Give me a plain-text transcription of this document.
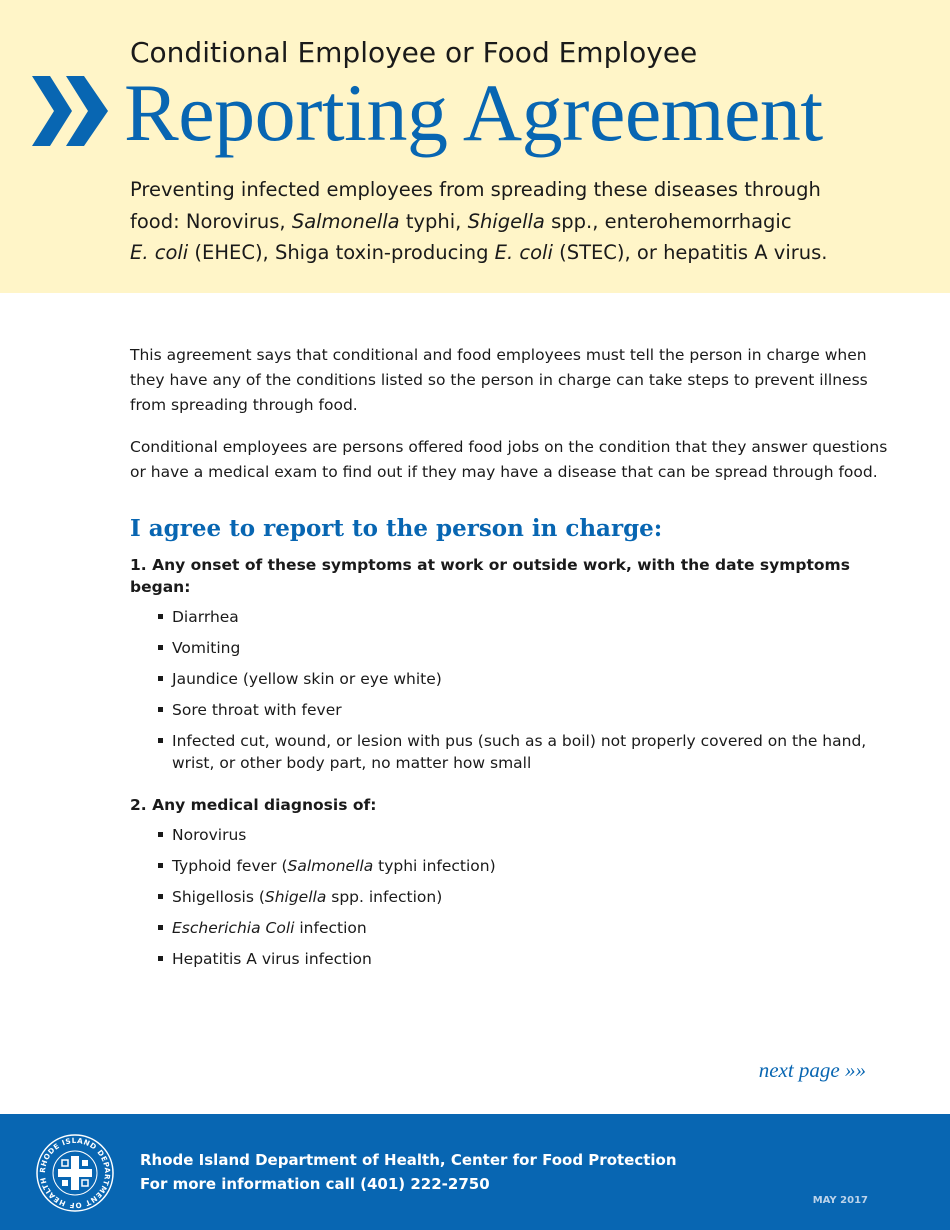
Conditional Employee or Food Employee
Reporting Agreement

Preventing infected employees from spreading these diseases through
food: Norovirus, Salmonella typhi, Shigella spp., enterohemorrhagic
E. coli (EHEC), Shiga toxin-producing E. coli (STEC), or hepatitis A virus.

This agreement says that conditional and food employees must tell the person in charge when they have any of the conditions listed so the person in charge can take steps to prevent illness from spreading through food.

Conditional employees are persons offered food jobs on the condition that they answer questions or have a medical exam to find out if they may have a disease that can be spread through food.

I agree to report to the person in charge:
1. Any onset of these symptoms at work or outside work, with the date symptoms began:
Diarrhea
Vomiting
Jaundice (yellow skin or eye white)
Sore throat with fever
Infected cut, wound, or lesion with pus (such as a boil) not properly covered on the hand, wrist, or other body part, no matter how small
2. Any medical diagnosis of:
Norovirus
Typhoid fever (Salmonella typhi infection)
Shigellosis (Shigella spp. infection)
Escherichia Coli infection
Hepatitis A virus infection
next page »»
RHODE ISLAND DEPARTMENT OF HEALTH
Rhode Island Department of Health, Center for Food Protection
For more information call (401) 222-2750
MAY 2017
